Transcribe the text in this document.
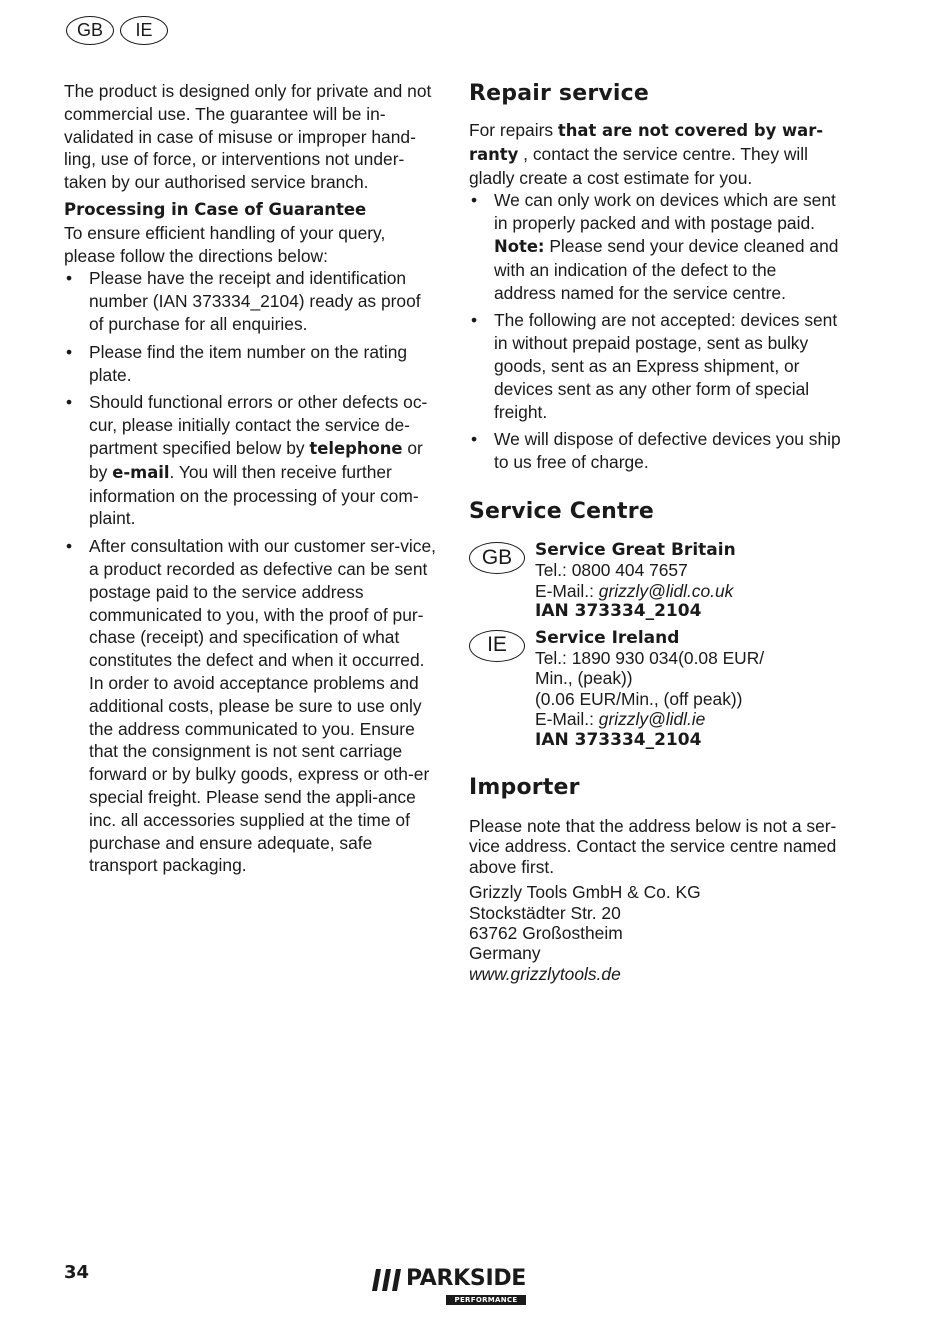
GB	IE

The product is designed only for private and not commercial use. The guarantee will be in-validated in case of misuse or improper hand-ling, use of force, or interventions not under-taken by our authorised service branch.

Processing in Case of Guarantee

To ensure efficient handling of your query, please follow the directions below:

• Please have the receipt and identification number (IAN 373334_2104) ready as proof of purchase for all enquiries.
• Please find the item number on the rating plate.
• Should functional errors or other defects oc-cur, please initially contact the service de-partment specified below by telephone or by e-mail. You will then receive further information on the processing of your com-plaint.
• After consultation with our customer ser-vice, a product recorded as defective can be sent postage paid to the service address communicated to you, with the proof of pur-chase (receipt) and specification of what constitutes the defect and when it occurred. In order to avoid acceptance problems and additional costs, please be sure to use only the address communicated to you. Ensure that the consignment is not sent carriage forward or by bulky goods, express or oth-er special freight. Please send the appli-ance inc. all accessories supplied at the time of purchase and ensure adequate, safe transport packaging.
Repair service

For repairs that are not covered by war-ranty , contact the service centre. They will gladly create a cost estimate for you.

• We can only work on devices which are sent in properly packed and with postage paid.
Note: Please send your device cleaned and with an indication of the defect to the address named for the service centre.
• The following are not accepted: devices sent in without prepaid postage, sent as bulky goods, sent as an Express shipment, or devices sent as any other form of special freight.
• We will dispose of defective devices you ship to us free of charge.
Service Centre
GB	Service Great Britain
Tel.: 0800 404 7657
E-Mail.: grizzly@lidl.co.uk
IAN 373334_2104
IE	Service Ireland
Tel.: 1890 930 034(0.08 EUR/
Min., (peak))
(0.06 EUR/Min., (off peak))
E-Mail.: grizzly@lidl.ie
IAN 373334_2104
Importer

Please note that the address below is not a ser-vice address. Contact the service centre named above first.

Grizzly Tools GmbH & Co. KG
Stockstädter Str. 20
63762 Großostheim
Germany
www.grizzlytools.de
34	PARKSIDE
PERFORMANCE
